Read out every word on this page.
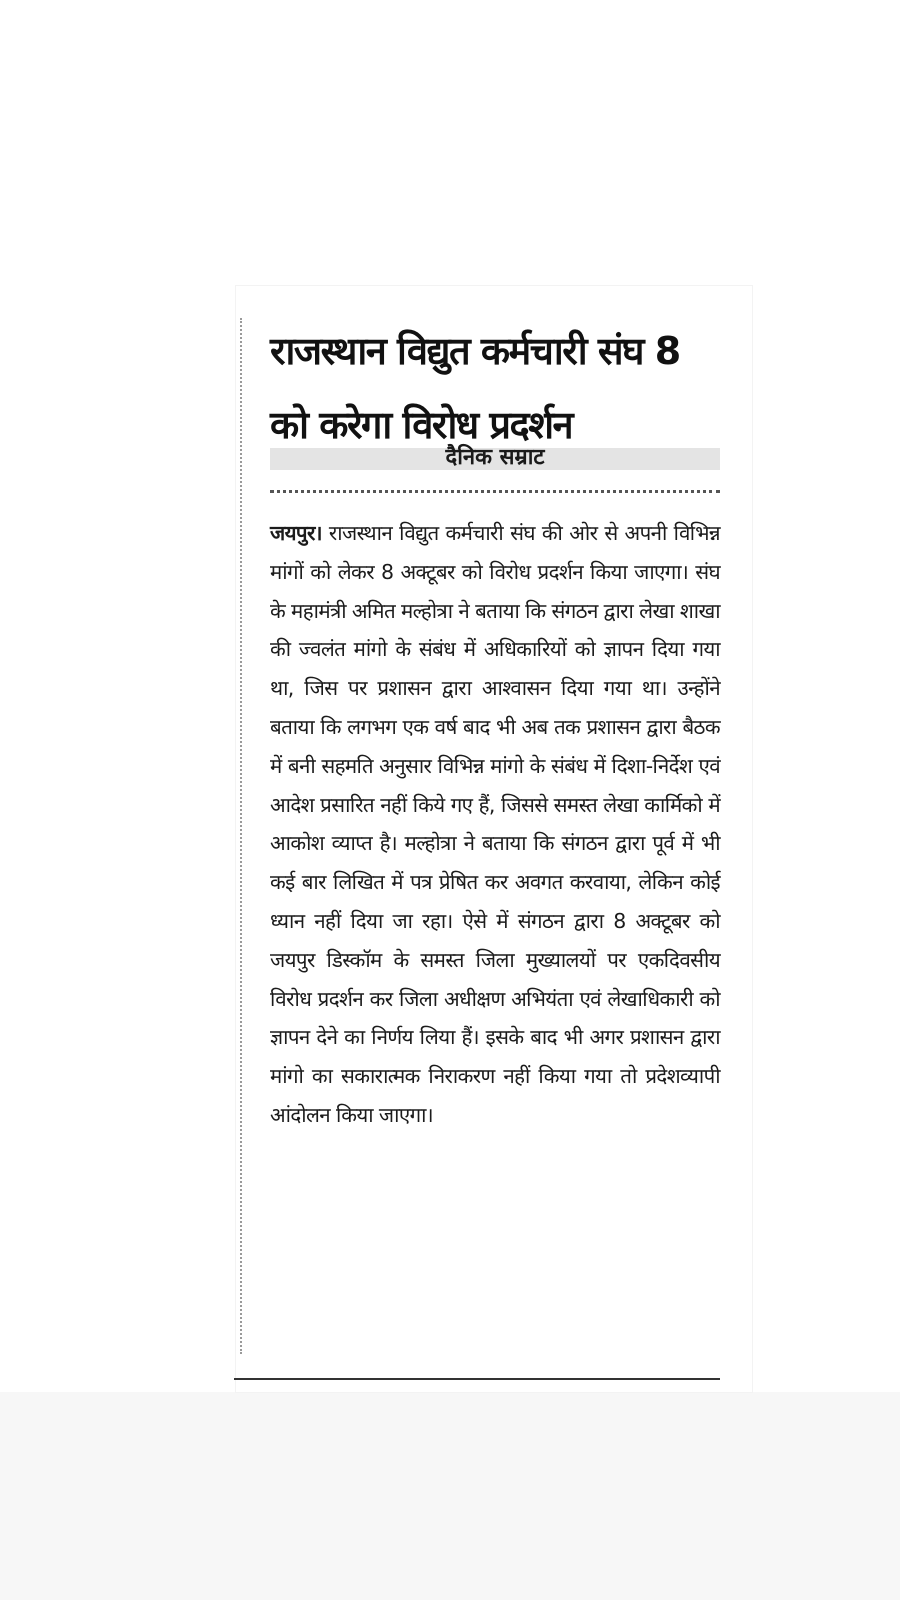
राजस्थान विद्युत कर्मचारी संघ 8 को करेगा विरोध प्रदर्शन
दैनिक सम्राट

जयपुर। राजस्थान विद्युत कर्मचारी संघ की ओर से अपनी विभिन्न मांगों को लेकर 8 अक्टूबर को विरोध प्रदर्शन किया जाएगा। संघ के महामंत्री अमित मल्होत्रा ने बताया कि संगठन द्वारा लेखा शाखा की ज्वलंत मांगो के संबंध में अधिकारियों को ज्ञापन दिया गया था, जिस पर प्रशासन द्वारा आश्वासन दिया गया था। उन्होंने बताया कि लगभग एक वर्ष बाद भी अब तक प्रशासन द्वारा बैठक में बनी सहमति अनुसार विभिन्न मांगो के संबंध में दिशा-निर्देश एवं आदेश प्रसारित नहीं किये गए हैं, जिससे समस्त लेखा कार्मिको में आकोश व्याप्त है। मल्होत्रा ने बताया कि संगठन द्वारा पूर्व में भी कई बार लिखित में पत्र प्रेषित कर अवगत करवाया, लेकिन कोई ध्यान नहीं दिया जा रहा। ऐसे में संगठन द्वारा 8 अक्टूबर को जयपुर डिस्कॉम के समस्त जिला मुख्यालयों पर एकदिवसीय विरोध प्रदर्शन कर जिला अधीक्षण अभियंता एवं लेखाधिकारी को ज्ञापन देने का निर्णय लिया हैं। इसके बाद भी अगर प्रशासन द्वारा मांगो का सकारात्मक निराकरण नहीं किया गया तो प्रदेशव्यापी आंदोलन किया जाएगा।
